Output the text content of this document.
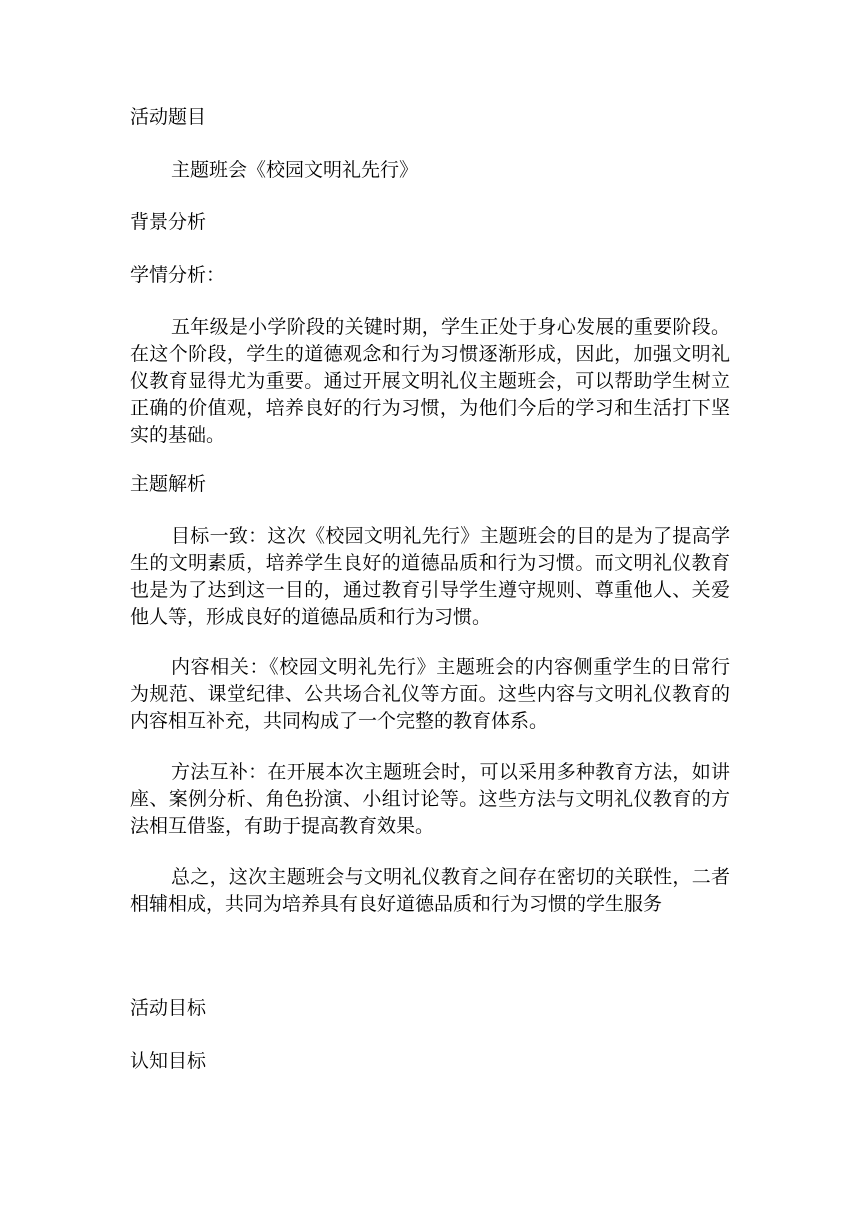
活动题目

主题班会《校园文明礼先行》

背景分析

学情分析：

五年级是小学阶段的关键时期，学生正处于身心发展的重要阶段。在这个阶段，学生的道德观念和行为习惯逐渐形成，因此，加强文明礼仪教育显得尤为重要。通过开展文明礼仪主题班会，可以帮助学生树立正确的价值观，培养良好的行为习惯，为他们今后的学习和生活打下坚实的基础。

主题解析

目标一致：这次《校园文明礼先行》主题班会的目的是为了提高学生的文明素质，培养学生良好的道德品质和行为习惯。而文明礼仪教育也是为了达到这一目的，通过教育引导学生遵守规则、尊重他人、关爱他人等，形成良好的道德品质和行为习惯。

内容相关：《校园文明礼先行》主题班会的内容侧重学生的日常行为规范、课堂纪律、公共场合礼仪等方面。这些内容与文明礼仪教育的内容相互补充，共同构成了一个完整的教育体系。

方法互补：在开展本次主题班会时，可以采用多种教育方法，如讲座、案例分析、角色扮演、小组讨论等。这些方法与文明礼仪教育的方法相互借鉴，有助于提高教育效果。

总之，这次主题班会与文明礼仪教育之间存在密切的关联性，二者相辅相成，共同为培养具有良好道德品质和行为习惯的学生服务

活动目标

认知目标
